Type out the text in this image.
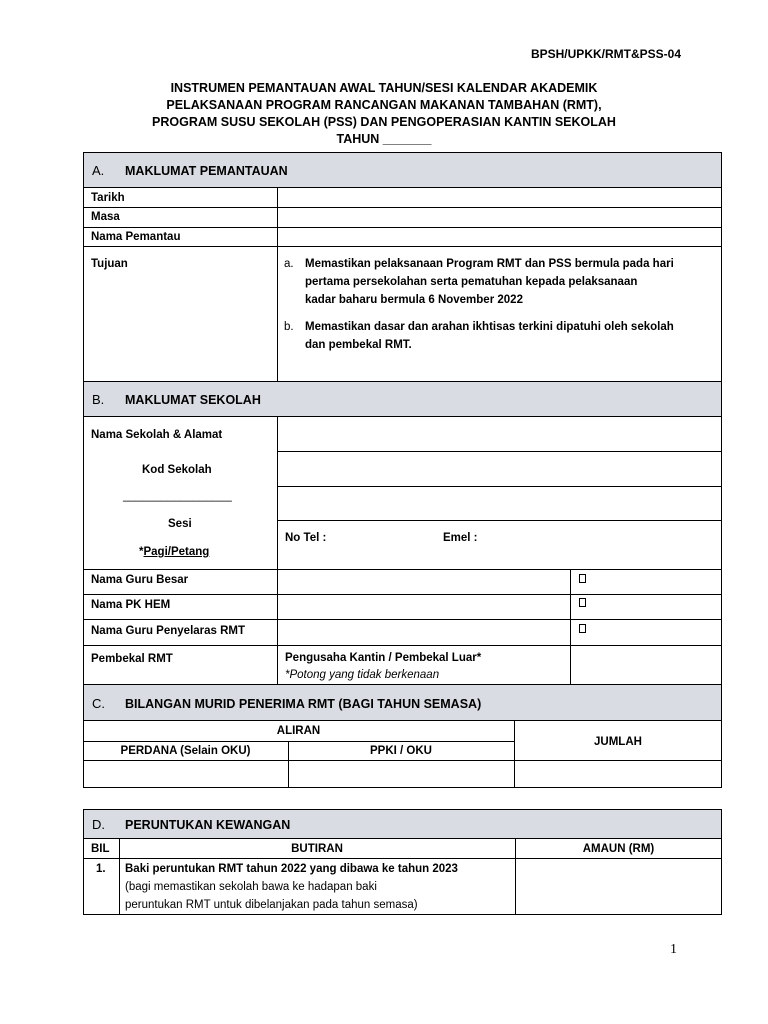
BPSH/UPKK/RMT&PSS-04
INSTRUMEN PEMANTAUAN AWAL TAHUN/SESI KALENDAR AKADEMIK
PELAKSANAAN PROGRAM RANCANGAN MAKANAN TAMBAHAN (RMT),
PROGRAM SUSU SEKOLAH (PSS) DAN PENGOPERASIAN KANTIN SEKOLAH
TAHUN _______
A. MAKLUMAT PEMANTAUAN
Tarikh
Masa
Nama Pemantau
Tujuan	a. Memastikan pelaksanaan Program RMT dan PSS bermula pada hari
pertama persekolahan serta pematuhan kepada pelaksanaan
kadar baharu bermula 6 November 2022
b. Memastikan dasar dan arahan ikhtisas terkini dipatuhi oleh sekolah
dan pembekal RMT.
B. MAKLUMAT SEKOLAH
Nama Sekolah & Alamat
Kod Sekolah
_________________
Sesi
*Pagi/Petang
No Tel :	Emel :
Nama Guru Besar
Nama PK HEM
Nama Guru Penyelaras RMT
Pembekal RMT	Pengusaha Kantin / Pembekal Luar*
*Potong yang tidak berkenaan
C. BILANGAN MURID PENERIMA RMT (BAGI TAHUN SEMASA)
ALIRAN
PERDANA (Selain OKU)	PPKI / OKU
JUMLAH
D. PERUNTUKAN KEWANGAN
BIL	BUTIRAN	AMAUN (RM)
1. Baki peruntukan RMT tahun 2022 yang dibawa ke tahun 2023
(bagi memastikan sekolah bawa ke hadapan baki
peruntukan RMT untuk dibelanjakan pada tahun semasa)
1
